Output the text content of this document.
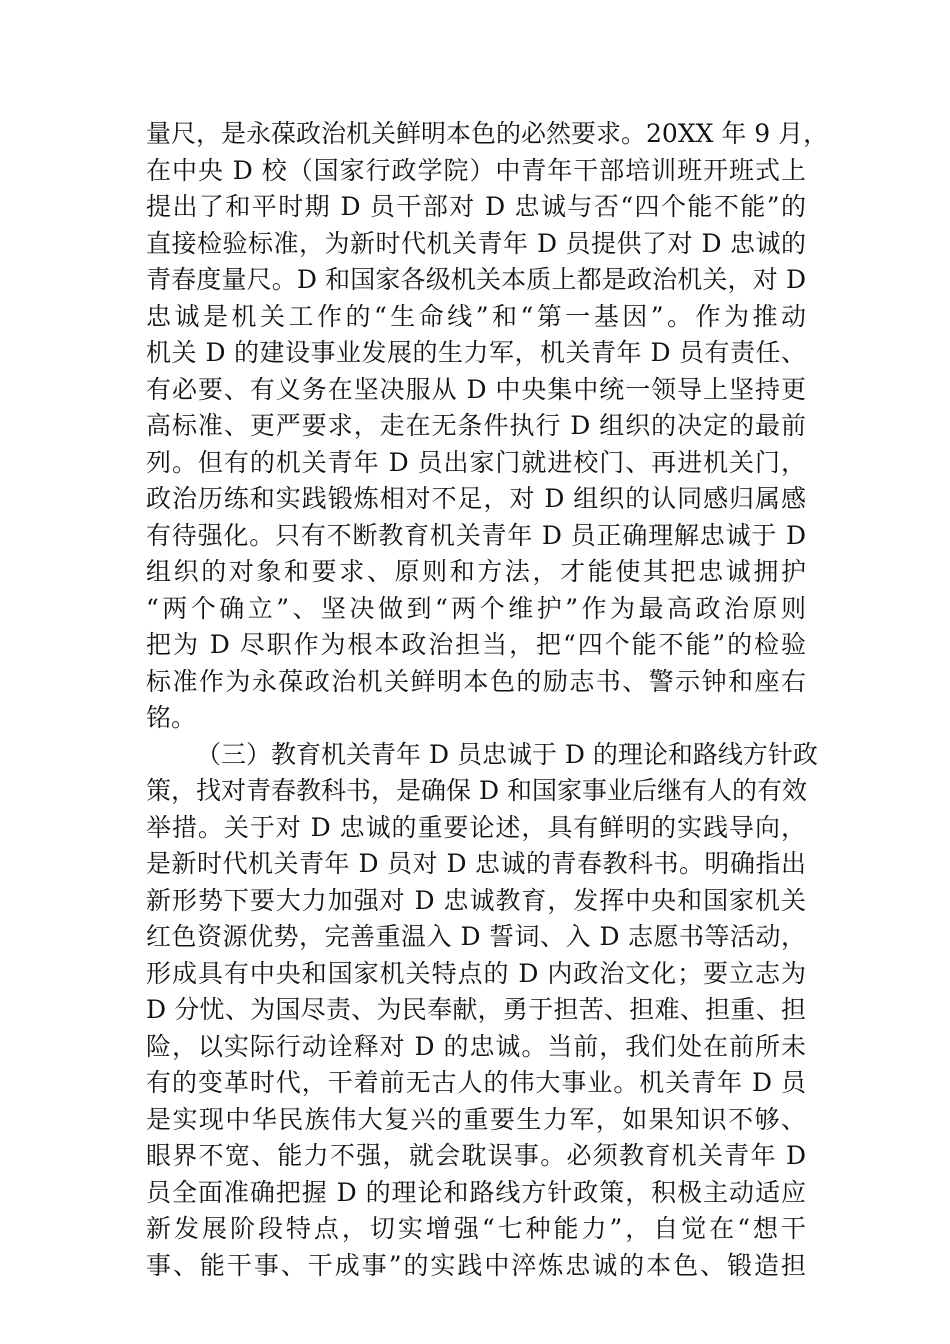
量尺，是永葆政治机关鲜明本色的必然要求。20XX 年 9 月，
在中央 D 校（国家行政学院）中青年干部培训班开班式上
提出了和平时期 D 员干部对 D 忠诚与否“四个能不能”的
直接检验标准，为新时代机关青年 D 员提供了对 D 忠诚的
青春度量尺。D 和国家各级机关本质上都是政治机关，对 D
忠诚是机关工作的“生命线”和“第一基因”。作为推动
机关 D 的建设事业发展的生力军，机关青年 D 员有责任、
有必要、有义务在坚决服从 D 中央集中统一领导上坚持更
高标准、更严要求，走在无条件执行 D 组织的决定的最前
列。但有的机关青年 D 员出家门就进校门、再进机关门，
政治历练和实践锻炼相对不足，对 D 组织的认同感归属感
有待强化。只有不断教育机关青年 D 员正确理解忠诚于 D
组织的对象和要求、原则和方法，才能使其把忠诚拥护
“两个确立”、坚决做到“两个维护”作为最高政治原则
把为 D 尽职作为根本政治担当，把“四个能不能”的检验
标准作为永葆政治机关鲜明本色的励志书、警示钟和座右
铭。
（三）教育机关青年 D 员忠诚于 D 的理论和路线方针政
策，找对青春教科书，是确保 D 和国家事业后继有人的有效
举措。关于对 D 忠诚的重要论述，具有鲜明的实践导向，
是新时代机关青年 D 员对 D 忠诚的青春教科书。明确指出
新形势下要大力加强对 D 忠诚教育，发挥中央和国家机关
红色资源优势，完善重温入 D 誓词、入 D 志愿书等活动，
形成具有中央和国家机关特点的 D 内政治文化；要立志为
D 分忧、为国尽责、为民奉献，勇于担苦、担难、担重、担
险，以实际行动诠释对 D 的忠诚。当前，我们处在前所未
有的变革时代，干着前无古人的伟大事业。机关青年 D 员
是实现中华民族伟大复兴的重要生力军，如果知识不够、
眼界不宽、能力不强，就会耽误事。必须教育机关青年 D
员全面准确把握 D 的理论和路线方针政策，积极主动适应
新发展阶段特点，切实增强“七种能力”，自觉在“想干
事、能干事、干成事”的实践中淬炼忠诚的本色、锻造担
